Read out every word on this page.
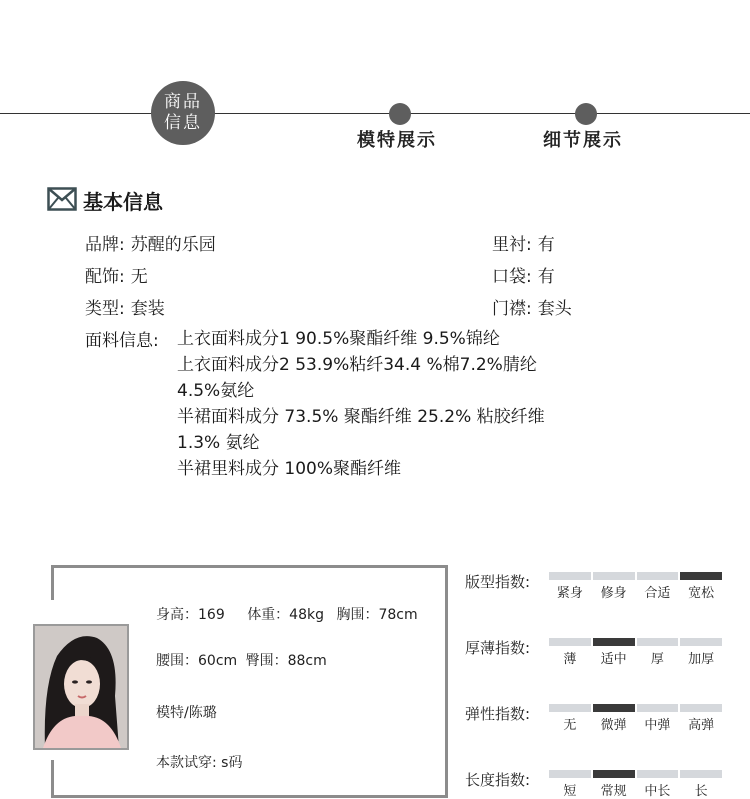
商品
信息
模特展示	细节展示
基本信息
品牌: 苏醒的乐园	里衬: 有
配饰: 无	口袋: 有
类型: 套装	门襟: 套头
面料信息: 上衣面料成分1 90.5%聚酯纤维 9.5%锦纶
上衣面料成分2 53.9%粘纤34.4 %棉7.2%腈纶
4.5%氨纶
半裙面料成分 73.5% 聚酯纤维 25.2% 粘胶纤维
1.3% 氨纶
半裙里料成分 100%聚酯纤维
身高：169 体重：48kg 胸围：78cm
腰围：60cm 臀围：88cm
模特/陈璐
本款试穿: s码
版型指数:
紧身	修身	合适	宽松
厚薄指数:
薄	适中	厚	加厚
弹性指数:
无	微弹	中弹	高弹
长度指数:
短	常规	中长	长
